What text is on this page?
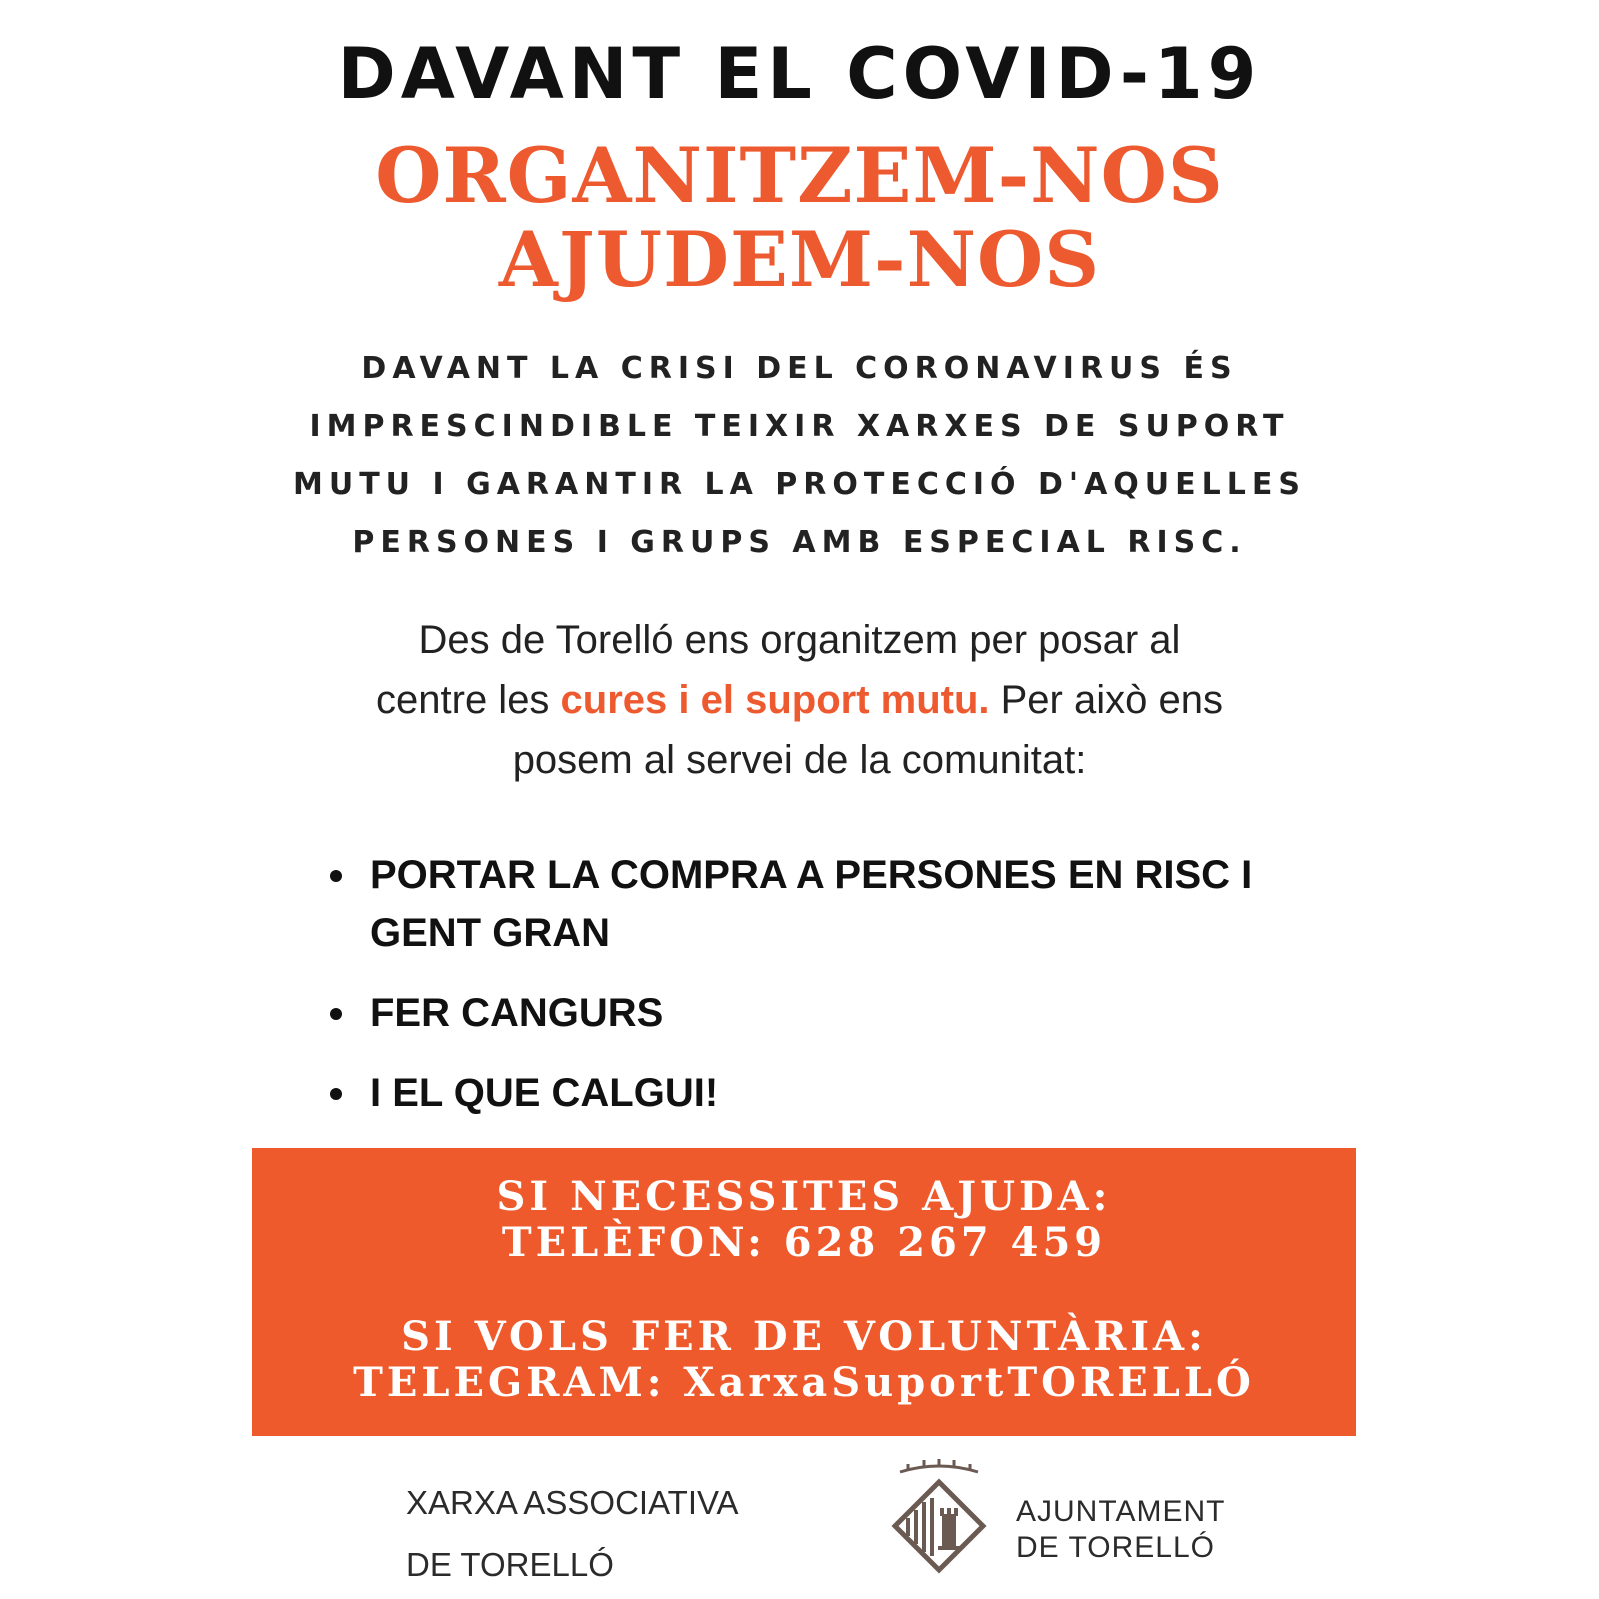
DAVANT EL COVID-19
ORGANITZEM-NOS
AJUDEM-NOS
DAVANT LA CRISI DEL CORONAVIRUS ÉS
IMPRESCINDIBLE TEIXIR XARXES DE SUPORT
MUTU I GARANTIR LA PROTECCIÓ D'AQUELLES
PERSONES I GRUPS AMB ESPECIAL RISC.
Des de Torelló ens organitzem per posar al
centre les cures i el suport mutu. Per això ens
posem al servei de la comunitat:
PORTAR LA COMPRA A PERSONES EN RISC I GENT GRAN
FER CANGURS
I EL QUE CALGUI!
SI NECESSITES AJUDA:
TELÈFON: 628 267 459
SI VOLS FER DE VOLUNTÀRIA:
TELEGRAM: XarxaSuportTORELLÓ
XARXA ASSOCIATIVA
DE TORELLÓ
AJUNTAMENT
DE TORELLÓ
